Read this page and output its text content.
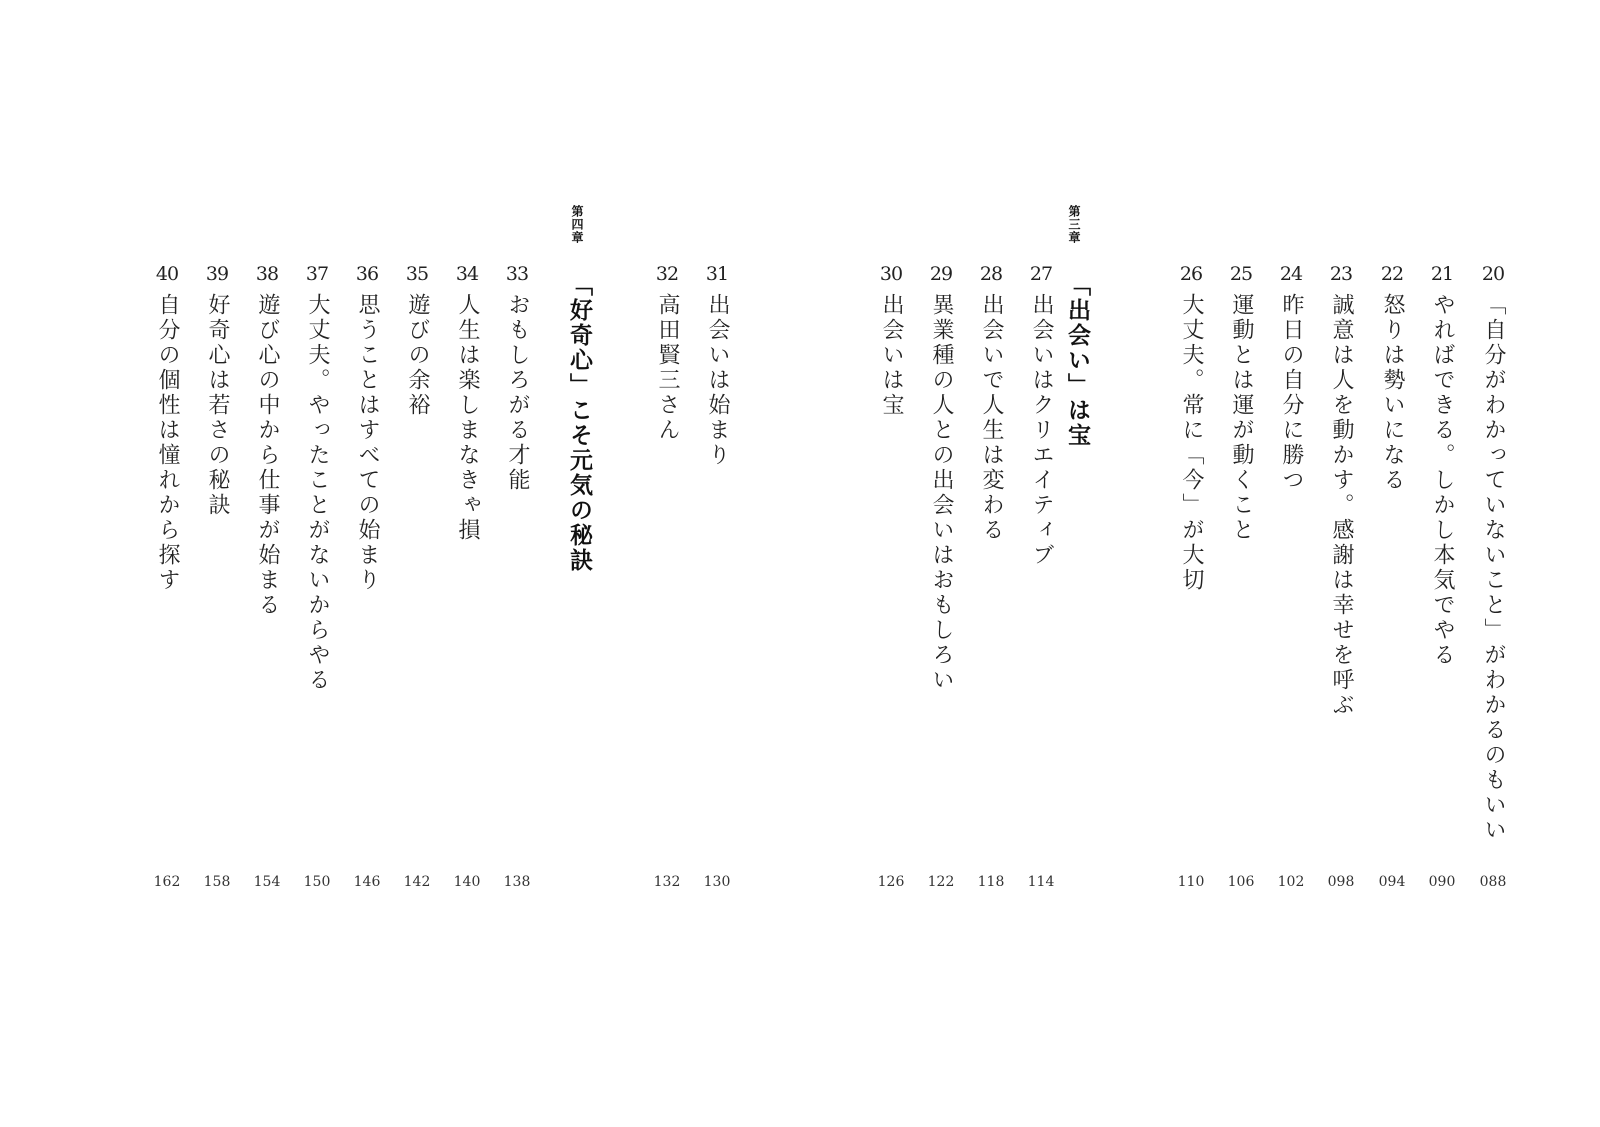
第三章
「出会い」は宝
第四章
「好奇心」こそ元気の秘訣	20
「自分がわかっていないこと」がわかるのもいい
088
21
やればできる。しかし本気でやる
090
22
怒りは勢いになる
094
23
誠意は人を動かす。感謝は幸せを呼ぶ
098
24
昨日の自分に勝つ
102
25
運動とは運が動くこと
106
26
大丈夫。常に「今」が大切
110
27
出会いはクリエイティブ
114
28
出会いで人生は変わる
118
29
異業種の人との出会いはおもしろい
122
30
出会いは宝
126
31
出会いは始まり
130
32
高田賢三さん
132
33
おもしろがる才能
138
34
人生は楽しまなきゃ損
140
35
遊びの余裕
142
36
思うことはすべての始まり
146
37
大丈夫。やったことがないからやる
150
38
遊び心の中から仕事が始まる
154
39
好奇心は若さの秘訣
158
40
自分の個性は憧れから探す
162
